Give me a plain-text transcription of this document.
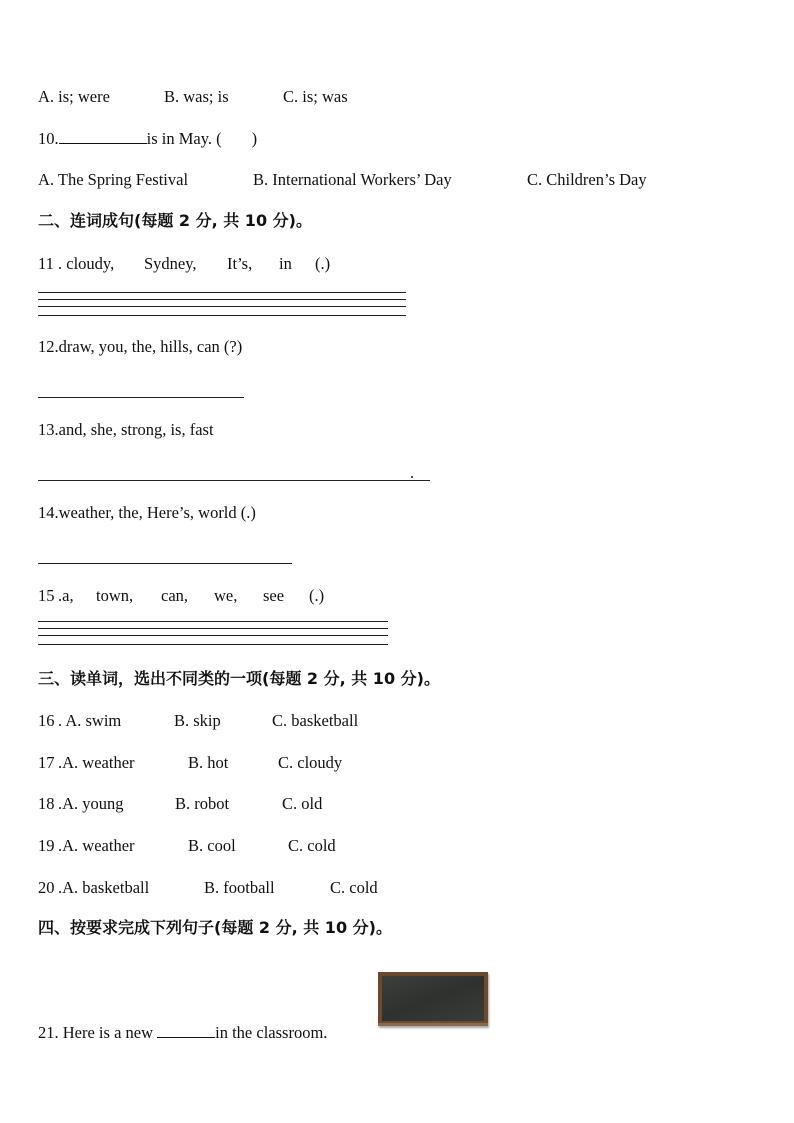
A. is; were	B. was; is	C. is; was
10.	is in May. ( )
A. The Spring Festival	B. International Workers’ Day	C. Children’s Day
二、连词成句(每题 2 分, 共 10 分)。
11 . cloudy, Sydney, It’s, in (.)
12.draw, you, the, hills, can (?)
13.and, she, strong, is, fast
.
14.weather, the, Here’s, world (.)
15 .a, town, can, we, see (.)
三、读单词，选出不同类的一项(每题 2 分, 共 10 分)。
16 . A. swim	B. skip	C. basketball
17 .A. weather	B. hot	C. cloudy
18 .A. young	B. robot	C. old
19 .A. weather	B. cool	C. cold
20 .A. basketball	B. football	C. cold
四、按要求完成下列句子(每题 2 分, 共 10 分)。
21. Here is a new	in the classroom.
